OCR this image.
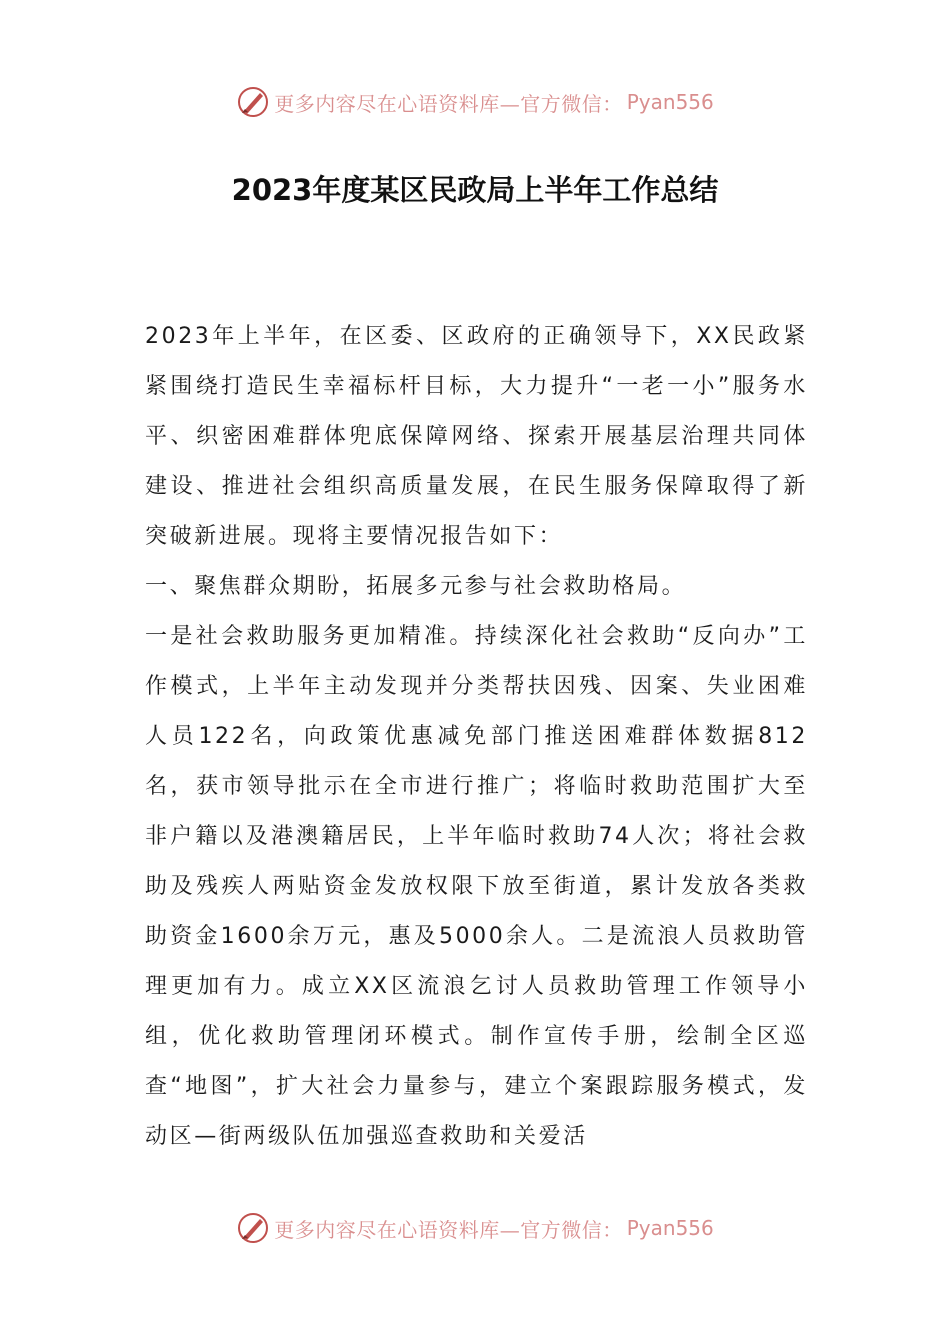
更多内容尽在心语资料库—官方微信： Pyan556
2023年度某区民政局上半年工作总结

2023年上半年，在区委、区政府的正确领导下，XX民政紧紧围绕打造民生幸福标杆目标，大力提升“一老一小”服务水平、织密困难群体兜底保障网络、探索开展基层治理共同体建设、推进社会组织高质量发展，在民生服务保障取得了新突破新进展。现将主要情况报告如下：

一、聚焦群众期盼，拓展多元参与社会救助格局。

一是社会救助服务更加精准。持续深化社会救助“反向办”工作模式，上半年主动发现并分类帮扶因残、因案、失业困难人员122名，向政策优惠减免部门推送困难群体数据812名，获市领导批示在全市进行推广；将临时救助范围扩大至非户籍以及港澳籍居民，上半年临时救助74人次；将社会救助及残疾人两贴资金发放权限下放至街道，累计发放各类救助资金1600余万元，惠及5000余人。二是流浪人员救助管理更加有力。成立XX区流浪乞讨人员救助管理工作领导小组，优化救助管理闭环模式。制作宣传手册，绘制全区巡查“地图”，扩大社会力量参与，建立个案跟踪服务模式，发动区—街两级队伍加强巡查救助和关爱活

更多内容尽在心语资料库—官方微信： Pyan556
